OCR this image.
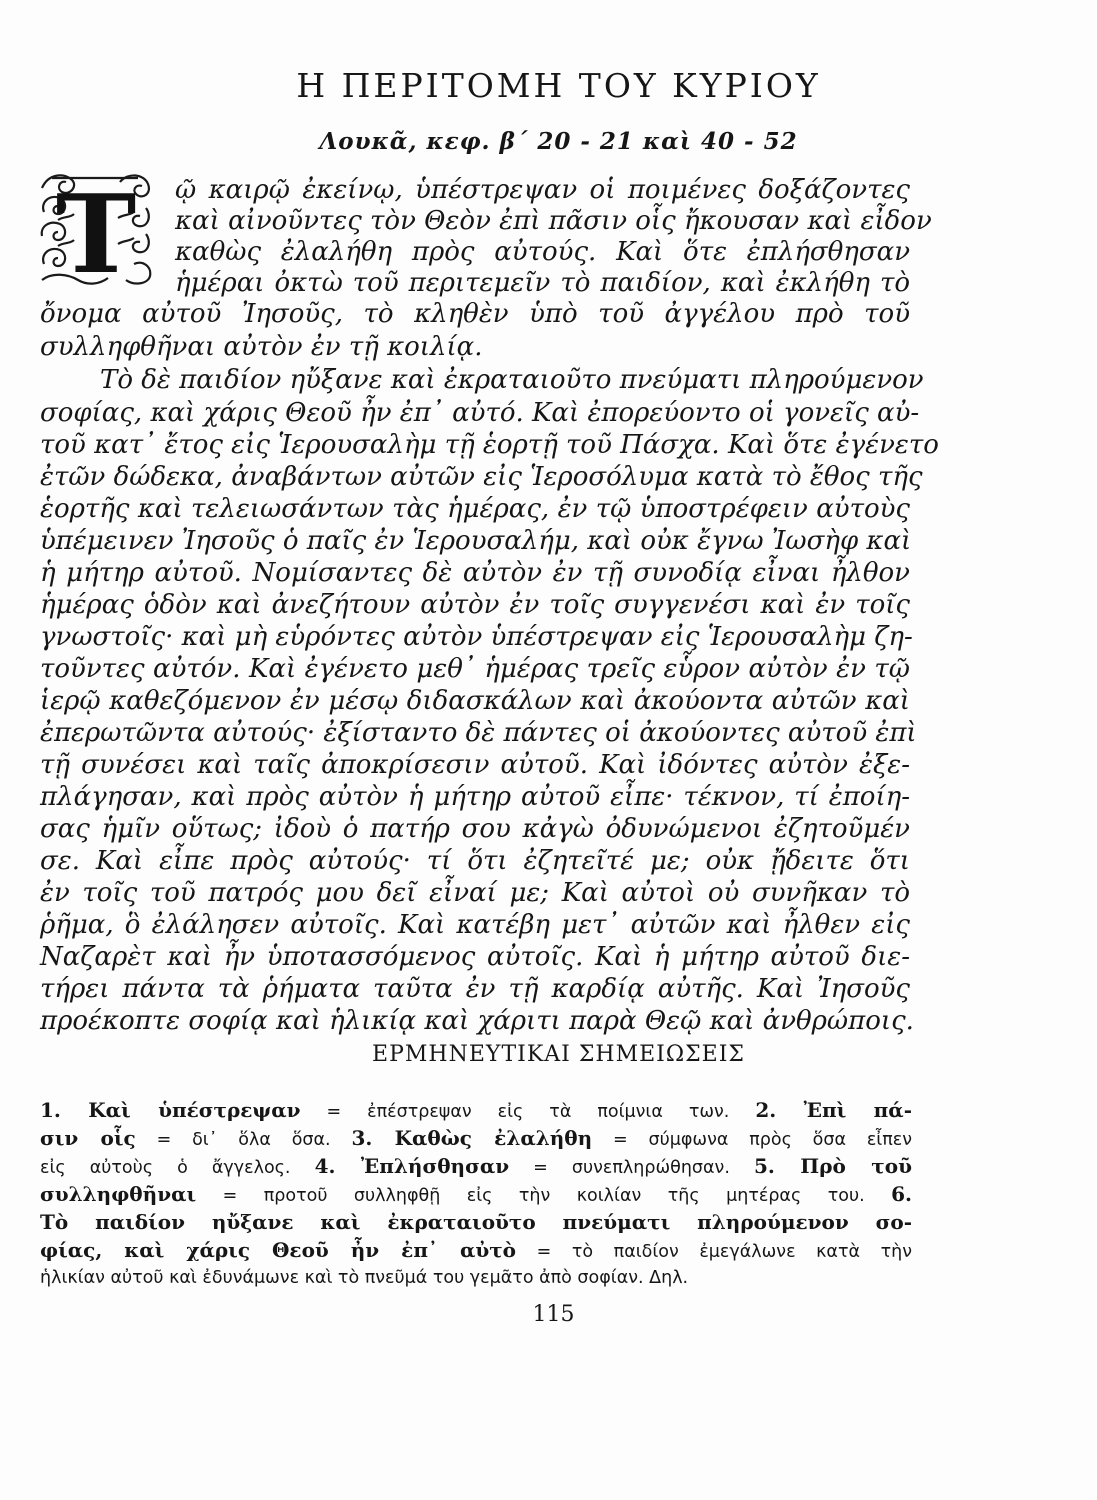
Η ΠΕΡΙΤΟΜΗ ΤΟΥ ΚΥΡΙΟΥ
Λουκᾶ, κεφ. β΄ 20 - 21 καὶ 40 - 52
Τ ῷ καιρῷ ἐκείνῳ, ὑπέστρεψαν οἱ ποιμένες δοξάζοντες
καὶ αἰνοῦντες τὸν Θεὸν ἐπὶ πᾶσιν οἷς ἤκουσαν καὶ εἶδον
καθὼς ἐλαλήθη πρὸς αὐτούς. Καὶ ὅτε ἐπλήσθησαν
ἡμέραι ὀκτὼ τοῦ περιτεμεῖν τὸ παιδίον, καὶ ἐκλήθη τὸ
ὄνομα αὐτοῦ Ἰησοῦς, τὸ κληθὲν ὑπὸ τοῦ ἀγγέλου πρὸ τοῦ
συλληφθῆναι αὐτὸν ἐν τῇ κοιλίᾳ.
Τὸ δὲ παιδίον ηὔξανε καὶ ἐκραταιοῦτο πνεύματι πληρούμενον
σοφίας, καὶ χάρις Θεοῦ ἦν ἐπ᾽ αὐτό. Καὶ ἐπορεύοντο οἱ γονεῖς αὐ-
τοῦ κατ᾽ ἔτος εἰς Ἱερουσαλὴμ τῇ ἑορτῇ τοῦ Πάσχα. Καὶ ὅτε ἐγένετο
ἐτῶν δώδεκα, ἀναβάντων αὐτῶν εἰς Ἱεροσόλυμα κατὰ τὸ ἔθος τῆς
ἑορτῆς καὶ τελειωσάντων τὰς ἡμέρας, ἐν τῷ ὑποστρέφειν αὐτοὺς
ὑπέμεινεν Ἰησοῦς ὁ παῖς ἐν Ἱερουσαλήμ, καὶ οὐκ ἔγνω Ἰωσὴφ καὶ
ἡ μήτηρ αὐτοῦ. Νομίσαντες δὲ αὐτὸν ἐν τῇ συνοδίᾳ εἶναι ἦλθον
ἡμέρας ὁδὸν καὶ ἀνεζήτουν αὐτὸν ἐν τοῖς συγγενέσι καὶ ἐν τοῖς
γνωστοῖς· καὶ μὴ εὑρόντες αὐτὸν ὑπέστρεψαν εἰς Ἱερουσαλὴμ ζη-
τοῦντες αὐτόν. Καὶ ἐγένετο μεθ᾽ ἡμέρας τρεῖς εὗρον αὐτὸν ἐν τῷ
ἱερῷ καθεζόμενον ἐν μέσῳ διδασκάλων καὶ ἀκούοντα αὐτῶν καὶ
ἐπερωτῶντα αὐτούς· ἐξίσταντο δὲ πάντες οἱ ἀκούοντες αὐτοῦ ἐπὶ
τῇ συνέσει καὶ ταῖς ἀποκρίσεσιν αὐτοῦ. Καὶ ἰδόντες αὐτὸν ἐξε-
πλάγησαν, καὶ πρὸς αὐτὸν ἡ μήτηρ αὐτοῦ εἶπε· τέκνον, τί ἐποίη-
σας ἡμῖν οὕτως; ἰδοὺ ὁ πατήρ σου κἀγὼ ὀδυνώμενοι ἐζητοῦμέν
σε. Καὶ εἶπε πρὸς αὐτούς· τί ὅτι ἐζητεῖτέ με; οὐκ ᾔδειτε ὅτι
ἐν τοῖς τοῦ πατρός μου δεῖ εἶναί με; Καὶ αὐτοὶ οὐ συνῆκαν τὸ
ῥῆμα, ὃ ἐλάλησεν αὐτοῖς. Καὶ κατέβη μετ᾽ αὐτῶν καὶ ἦλθεν εἰς
Ναζαρὲτ καὶ ἦν ὑποτασσόμενος αὐτοῖς. Καὶ ἡ μήτηρ αὐτοῦ διε-
τήρει πάντα τὰ ῥήματα ταῦτα ἐν τῇ καρδίᾳ αὐτῆς. Καὶ Ἰησοῦς
προέκοπτε σοφίᾳ καὶ ἡλικίᾳ καὶ χάριτι παρὰ Θεῷ καὶ ἀνθρώποις.
ΕΡΜΗΝΕΥΤΙΚΑΙ ΣΗΜΕΙΩΣΕΙΣ
1. Καὶ ὑπέστρεψαν = ἐπέστρεψαν εἰς τὰ ποίμνια των. 2. Ἐπὶ πά-
σιν οἷς = δι᾽ ὅλα ὅσα. 3. Καθὼς ἐλαλήθη = σύμφωνα πρὸς ὅσα εἶπεν
εἰς αὐτοὺς ὁ ἄγγελος. 4. Ἐπλήσθησαν = συνεπληρώθησαν. 5. Πρὸ τοῦ
συλληφθῆναι = προτοῦ συλληφθῇ εἰς τὴν κοιλίαν τῆς μητέρας του. 6.
Τὸ παιδίον ηὔξανε καὶ ἐκραταιοῦτο πνεύματι πληρούμενον σο-
φίας, καὶ χάρις Θεοῦ ἦν ἐπ᾽ αὐτὸ = τὸ παιδίον ἐμεγάλωνε κατὰ τὴν
ἡλικίαν αὐτοῦ καὶ ἐδυνάμωνε καὶ τὸ πνεῦμά του γεμᾶτο ἀπὸ σοφίαν. Δηλ.
115
